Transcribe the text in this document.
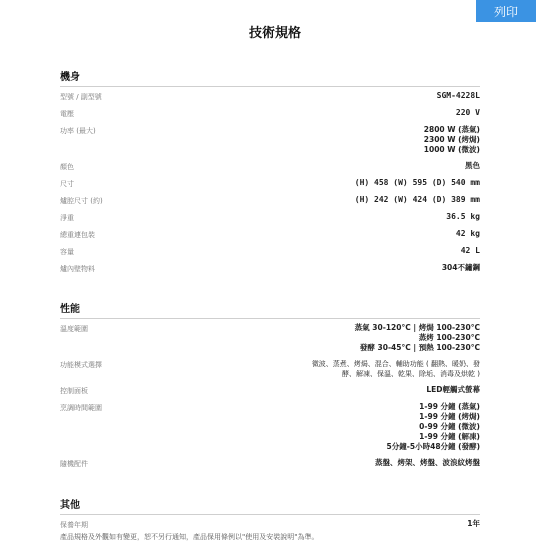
列印
技術規格
機身
型號 / 副型號	SGM-4228L
電壓	220 V
功率 (最大)	2800 W (蒸氣)
2300 W (烤焗)
1000 W (微波)
顏色	黑色
尺寸	(H) 458 (W) 595 (D) 540 mm
爐腔尺寸 (約)	(H) 242 (W) 424 (D) 389 mm
淨重	36.5 kg
總重連包裝	42 kg
容量	42 L
爐內壁物料	304不鏽鋼
性能
溫度範圍	蒸氣 30-120°C | 烤焗 100-230°C
蒸烤 100-230°C
發酵 30-45°C | 預熱 100-230°C
功能模式選擇	微波、蒸煮、烤焗、混合、輔助功能 ( 翻熱、暖奶、發
酵、解凍、保溫、乾果、除垢、消毒及烘乾 )
控制面板	LED輕觸式螢幕
烹調時間範圍	1-99 分鐘 (蒸氣)
1-99 分鐘 (烤焗)
0-99 分鐘 (微波)
1-99 分鐘 (解凍)
5分鐘-5小時48分鐘 (發酵)
隨機配件	蒸盤、烤架、烤盤、波浪紋烤盤
其他
保養年期	1年
產品規格及外觀如有變更，恕不另行通知，產品保用條例以"使用及安裝說明"為準。
